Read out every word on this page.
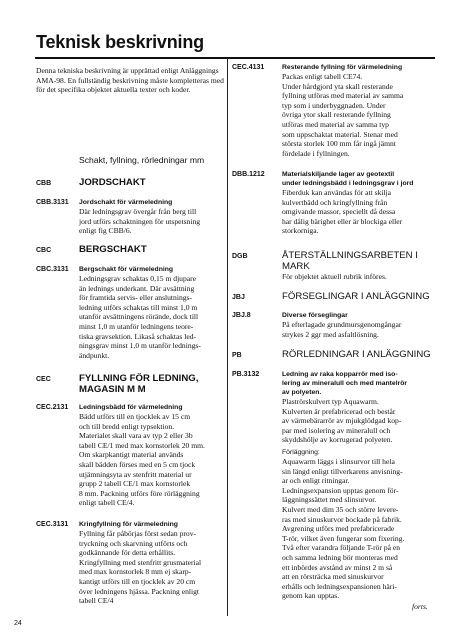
Teknisk beskrivning
Denna tekniska beskrivning är upprättad enligt Anläggnings AMA-98. En fullständig beskrivning måste kompletteras med för det specifika objektet aktuella texter och koder.
Schakt, fyllning, rörledningar mm
CBB	JORDSCHAKT
CBB.3131 Jordschakt för värmeledning
Där ledningsgrav övergår från berg till
jord utförs schaktningen för utspetsning
enligt fig CBB/6.
CBC	BERGSCHAKT
CBC.3131 Bergschakt för värmeledning
Ledningsgrav schaktas 0,15 m djupare
än lednings underkant. Där avsättning
för framtida servis- eller anslutnings-
ledning utförs schaktas till minst 1,0 m
utanför avsättningens rörände, dock till
minst 1,0 m utanför ledningens teore-
tiska gravsektion. Likaså schaktas led-
ningsgrav minst 1,0 m utanför lednings-
ändpunkt.
CEC	FYLLNING FÖR LEDNING,
MAGASIN M M
CEC.2131 Ledningsbädd för värmeledning
Bädd utförs till en tjocklek av 15 cm
och till bredd enligt typsektion.
Materialet skall vara av typ 2 eller 3b
tabell CE/1 med max kornstorlek 20 mm.
Om skarpkantigt material används
skall bädden förses med en 5 cm tjock
utjämningsyta av stenfritt material ur
grupp 2 tabell CE/1 max kornstorlek
8 mm. Packning utförs före rörläggning
enligt tabell CE/4.
CEC.3131 Kringfyllning för värmeledning
Fyllning får påbörjas först sedan prov-
tryckning och skarvning utförts och
godkännande för detta erhållits.
Kringfyllning med stenfritt grusmaterial
med max kornstorlek 8 mm ej skarp-
kantigt utförs till en tjocklek av 20 cm
över ledningens hjässa. Packning enligt
tabell CE/4
CEC.4131	Resterande fyllning för värmeledning
Packas enligt tabell CE74.
Under hårdgjord yta skall resterande
fyllning utföras med material av samma
typ som i underbyggnaden. Under
övriga ytor skall resterande fyllning
utföras med material av samma typ
som uppschaktat material. Stenar med
största storlek 100 mm får ingå jämnt
fördelade i fyllningen.
DBB.1212	Materialskiljande lager av geotextil
under ledningsbädd i ledningsgrav i jord
Fiberduk kan användas för att skilja
kulvertbädd och kringfyllning från
omgivande massor, speciellt då dessa
har dålig bärighet eller är blockiga eller
storkorniga.
DGB	ÅTERSTÄLLNINGSARBETEN I
MARK
För objektet aktuell rubrik införes.
JBJ	FÖRSEGLINGAR I ANLÄGGNING
JBJ.8	Diverse förseglingar
På efterlagade grundmursgenomgångar
strykes 2 ggr med asfaltlösning.
PB	RÖRLEDNINGAR I ANLÄGGNING
PB.3132	Ledning av raka kopparrör med iso-
lering av mineralull och med mantelrör
av polyeten.
Plaströrskulvert typ Aquawarm.
Kulverten är prefabricerad och består
av värmebärarrör av mjukglödgad kop-
par med isolering av mineralull och
skyddshölje av korrugerad polyeten.
Förläggning:
Aquawarm läggs i slinsurvor till hela
sin längd enligt tillverkarens anvisning-
ar och enligt ritningar.
Ledningsexpansion upptas genom för-
läggningssättet med slinsurvor.
Kulvert med dim 35 och större levere-
ras med sinuskurvor bockade på fabrik.
Avgrening utförs med prefabricerade
T-rör, vilket även fungerar som fixering.
Två efter varandra följande T-rör på en
och samma ledning bör monteras med
ett inbördes avstånd av minst 2 m så
att en rörsträcka med sinuskurvor
erhålls och ledningsexpansionen häri-
genom kan upptas.
forts.
24
